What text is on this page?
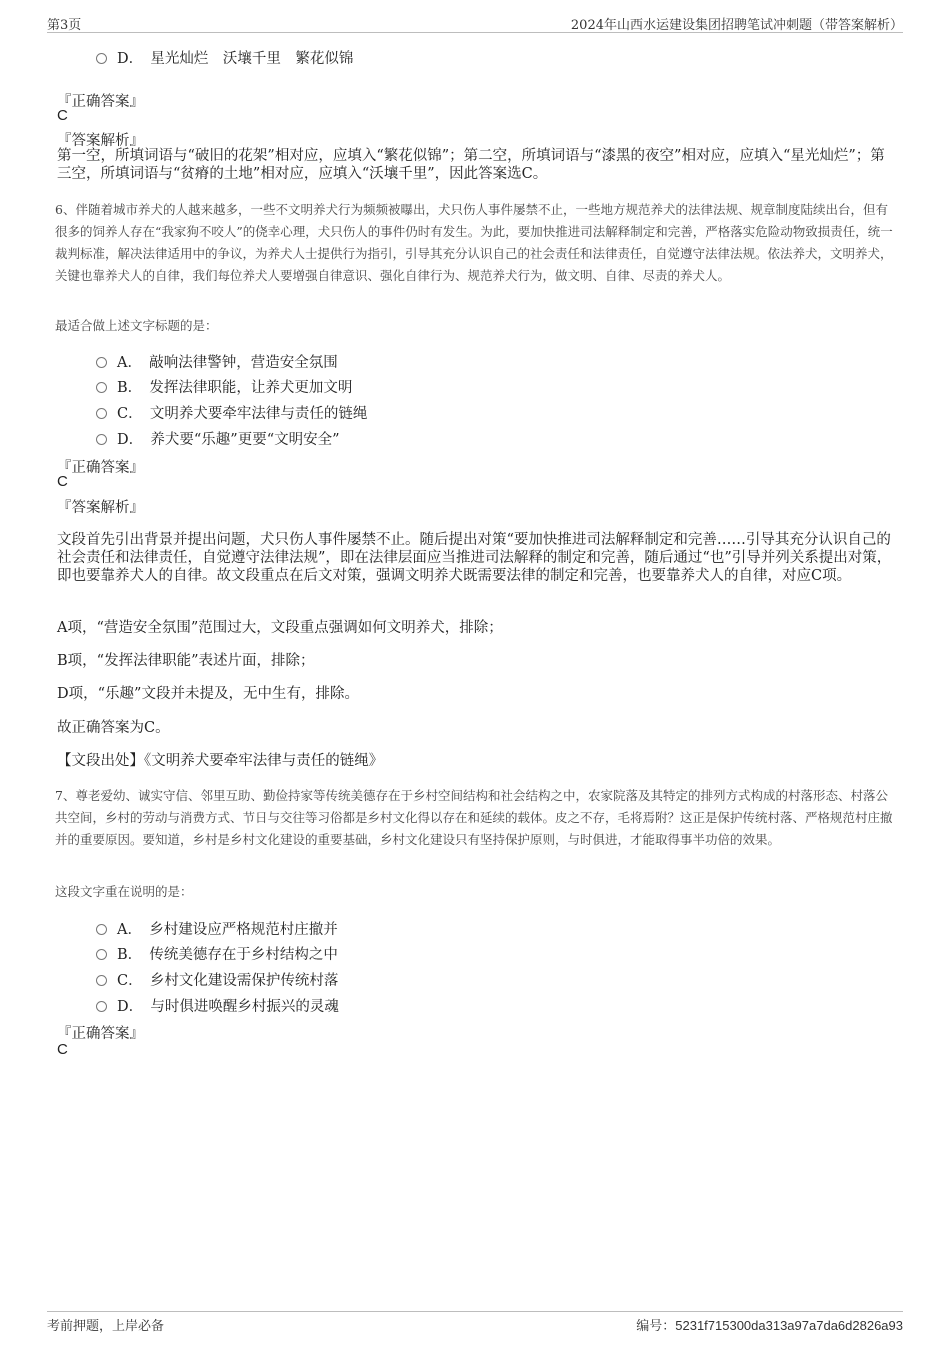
第3页	2024年山西水运建设集团招聘笔试冲刺题（带答案解析）
D．　星光灿烂　沃壤千里　繁花似锦
『正确答案』
C
『答案解析』
第一空，所填词语与“破旧的花架”相对应，应填入“繁花似锦”；第二空，所填词语与“漆黑的夜空”相对应，应填入“星光灿烂”；第三空，所填词语与“贫瘠的土地”相对应，应填入“沃壤千里”，因此答案选C。
6、伴随着城市养犬的人越来越多，一些不文明养犬行为频频被曝出，犬只伤人事件屡禁不止，一些地方规范养犬的法律法规、规章制度陆续出台，但有很多的饲养人存在“我家狗不咬人”的侥幸心理，犬只伤人的事件仍时有发生。为此，要加快推进司法解释制定和完善，严格落实危险动物致损责任，统一裁判标准，解决法律适用中的争议，为养犬人士提供行为指引，引导其充分认识自己的社会责任和法律责任，自觉遵守法律法规。依法养犬，文明养犬，关键也靠养犬人的自律，我们每位养犬人要增强自律意识、强化自律行为、规范养犬行为，做文明、自律、尽责的养犬人。
最适合做上述文字标题的是：
A．　敲响法律警钟，营造安全氛围
B．　发挥法律职能，让养犬更加文明
C．　文明养犬要牵牢法律与责任的链绳
D．　养犬要“乐趣”更要“文明安全”
『正确答案』
C
『答案解析』
文段首先引出背景并提出问题，犬只伤人事件屡禁不止。随后提出对策“要加快推进司法解释制定和完善……引导其充分认识自己的社会责任和法律责任，自觉遵守法律法规”，即在法律层面应当推进司法解释的制定和完善，随后通过“也”引导并列关系提出对策，即也要靠养犬人的自律。故文段重点在后文对策，强调文明养犬既需要法律的制定和完善，也要靠养犬人的自律，对应C项。
A项，“营造安全氛围”范围过大，文段重点强调如何文明养犬，排除；
B项，“发挥法律职能”表述片面，排除；
D项，“乐趣”文段并未提及，无中生有，排除。
故正确答案为C。
【文段出处】《文明养犬要牵牢法律与责任的链绳》
7、尊老爱幼、诚实守信、邻里互助、勤俭持家等传统美德存在于乡村空间结构和社会结构之中，农家院落及其特定的排列方式构成的村落形态、村落公共空间，乡村的劳动与消费方式、节日与交往等习俗都是乡村文化得以存在和延续的载体。皮之不存，毛将焉附？这正是保护传统村落、严格规范村庄撤并的重要原因。要知道，乡村是乡村文化建设的重要基础，乡村文化建设只有坚持保护原则，与时俱进，才能取得事半功倍的效果。
这段文字重在说明的是：
A．　乡村建设应严格规范村庄撤并
B．　传统美德存在于乡村结构之中
C．　乡村文化建设需保护传统村落
D．　与时俱进唤醒乡村振兴的灵魂
『正确答案』
C
考前押题，上岸必备	编号：5231f715300da313a97a7da6d2826a93
